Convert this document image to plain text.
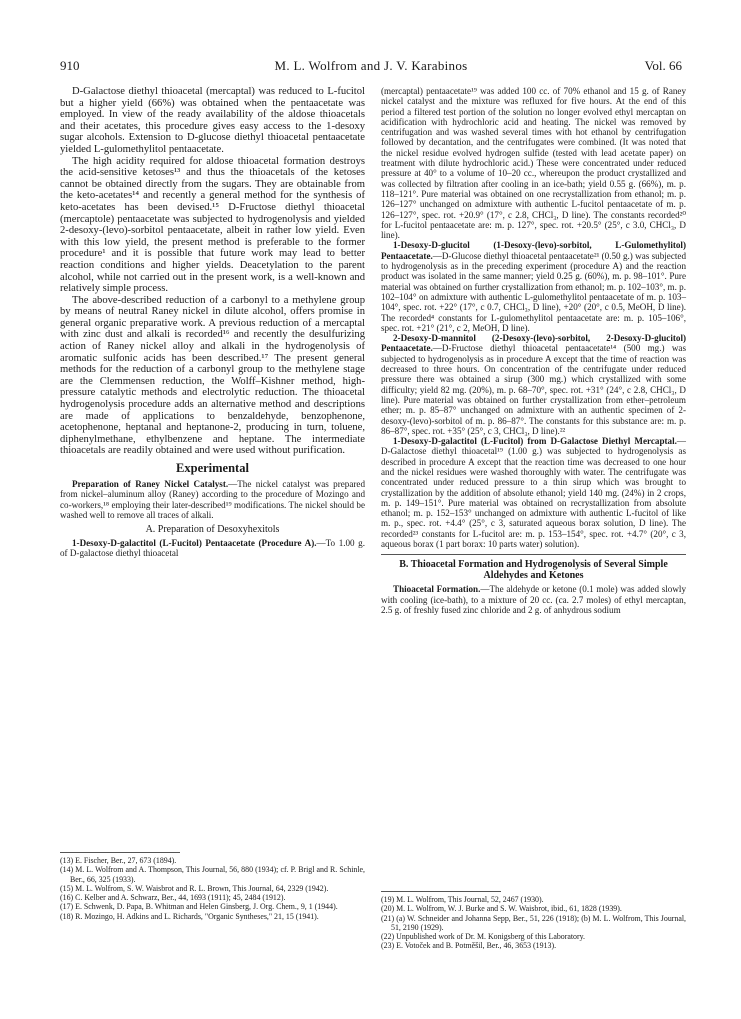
910	M. L. Wolfrom and J. V. Karabinos	Vol. 66

D-Galactose diethyl thioacetal (mercaptal) was reduced to L-fucitol but a higher yield (66%) was obtained when the pentaacetate was employed. In view of the ready availability of the aldose thioacetals and their acetates, this procedure gives easy access to the 1-desoxy sugar alcohols. Extension to D-glucose diethyl thioacetal pentaacetate yielded L-gulomethylitol pentaacetate.

The high acidity required for aldose thioacetal formation destroys the acid-sensitive ketoses¹³ and thus the thioacetals of the ketoses cannot be obtained directly from the sugars. They are obtainable from the keto-acetates¹⁴ and recently a general method for the synthesis of keto-acetates has been devised.¹⁵ D-Fructose diethyl thioacetal (mercaptole) pentaacetate was subjected to hydrogenolysis and yielded 2-desoxy-(levo)-sorbitol pentaacetate, albeit in rather low yield. Even with this low yield, the present method is preferable to the former procedure¹ and it is possible that future work may lead to better reaction conditions and higher yields. Deacetylation to the parent alcohol, while not carried out in the present work, is a well-known and relatively simple process.

The above-described reduction of a carbonyl to a methylene group by means of neutral Raney nickel in dilute alcohol, offers promise in general organic preparative work. A previous reduction of a mercaptal with zinc dust and alkali is recorded¹⁶ and recently the desulfurizing action of Raney nickel alloy and alkali in the hydrogenolysis of aromatic sulfonic acids has been described.¹⁷ The present general methods for the reduction of a carbonyl group to the methylene stage are the Clemmensen reduction, the Wolff–Kishner method, high-pressure catalytic methods and electrolytic reduction. The thioacetal hydrogenolysis procedure adds an alternative method and descriptions are made of applications to benzaldehyde, benzophenone, acetophenone, heptanal and heptanone-2, producing in turn, toluene, diphenylmethane, ethylbenzene and heptane. The intermediate thioacetals are readily obtained and were used without purification.

Experimental

Preparation of Raney Nickel Catalyst.—The nickel catalyst was prepared from nickel–aluminum alloy (Raney) according to the procedure of Mozingo and co-workers,¹⁸ employing their later-described¹⁹ modifications. The nickel should be washed well to remove all traces of alkali.

A. Preparation of Desoxyhexitols

1-Desoxy-D-galactitol (L-Fucitol) Pentaacetate (Procedure A).—To 1.00 g. of D-galactose diethyl thioacetal

(13) E. Fischer, Ber., 27, 673 (1894).

(14) M. L. Wolfrom and A. Thompson, This Journal, 56, 880 (1934); cf. P. Brigl and R. Schinle, Ber., 66, 325 (1933).

(15) M. L. Wolfrom, S. W. Waisbrot and R. L. Brown, This Journal, 64, 2329 (1942).

(16) C. Kelber and A. Schwarz, Ber., 44, 1693 (1911); 45, 2484 (1912).

(17) E. Schwenk, D. Papa, B. Whitman and Helen Ginsberg, J. Org. Chem., 9, 1 (1944).

(18) R. Mozingo, H. Adkins and L. Richards, "Organic Syntheses," 21, 15 (1941).

(mercaptal) pentaacetate¹⁹ was added 100 cc. of 70% ethanol and 15 g. of Raney nickel catalyst and the mixture was refluxed for five hours. At the end of this period a filtered test portion of the solution no longer evolved ethyl mercaptan on acidification with hydrochloric acid and heating. The nickel was removed by centrifugation and was washed several times with hot ethanol by centrifugation followed by decantation, and the centrifugates were combined. (It was noted that the nickel residue evolved hydrogen sulfide (tested with lead acetate paper) on treatment with dilute hydrochloric acid.) These were concentrated under reduced pressure at 40° to a volume of 10–20 cc., whereupon the product crystallized and was collected by filtration after cooling in an ice-bath; yield 0.55 g. (66%), m. p. 118–121°. Pure material was obtained on one recrystallization from ethanol; m. p. 126–127° unchanged on admixture with authentic L-fucitol pentaacetate of m. p. 126–127°, spec. rot. +20.9° (17°, c 2.8, CHCl₃, D line). The constants recorded²⁰ for L-fucitol pentaacetate are: m. p. 127°, spec. rot. +20.5° (25°, c 3.0, CHCl₃, D line).

1-Desoxy-D-glucitol (1-Desoxy-(levo)-sorbitol, L-Gulomethylitol) Pentaacetate.—D-Glucose diethyl thioacetal pentaacetate²¹ (0.50 g.) was subjected to hydrogenolysis as in the preceding experiment (procedure A) and the reaction product was isolated in the same manner; yield 0.25 g. (60%), m. p. 98–101°. Pure material was obtained on further crystallization from ethanol; m. p. 102–103°, m. p. 102–104° on admixture with authentic L-gulomethylitol pentaacetate of m. p. 103–104°, spec. rot. +22° (17°, c 0.7, CHCl₃, D line), +20° (20°, c 0.5, MeOH, D line). The recorded⁴ constants for L-gulomethylitol pentaacetate are: m. p. 105–106°, spec. rot. +21° (21°, c 2, MeOH, D line).

2-Desoxy-D-mannitol (2-Desoxy-(levo)-sorbitol, 2-Desoxy-D-glucitol) Pentaacetate.—D-Fructose diethyl thioacetal pentaacetate¹⁴ (500 mg.) was subjected to hydrogenolysis as in procedure A except that the time of reaction was decreased to three hours. On concentration of the centrifugate under reduced pressure there was obtained a sirup (300 mg.) which crystallized with some difficulty; yield 82 mg. (20%), m. p. 68–70°, spec. rot. +31° (24°, c 2.8, CHCl₃, D line). Pure material was obtained on further crystallization from ether–petroleum ether; m. p. 85–87° unchanged on admixture with an authentic specimen of 2-desoxy-(levo)-sorbitol of m. p. 86–87°. The constants for this substance are: m. p. 86–87°, spec. rot. +35° (25°, c 3, CHCl₃, D line).²²

1-Desoxy-D-galactitol (L-Fucitol) from D-Galactose Diethyl Mercaptal.—D-Galactose diethyl thioacetal¹⁹ (1.00 g.) was subjected to hydrogenolysis as described in procedure A except that the reaction time was decreased to one hour and the nickel residues were washed thoroughly with water. The centrifugate was concentrated under reduced pressure to a thin sirup which was brought to crystallization by the addition of absolute ethanol; yield 140 mg. (24%) in 2 crops, m. p. 149–151°. Pure material was obtained on recrystallization from absolute ethanol; m. p. 152–153° unchanged on admixture with authentic L-fucitol of like m. p., spec. rot. +4.4° (25°, c 3, saturated aqueous borax solution, D line). The recorded²³ constants for L-fucitol are: m. p. 153–154°, spec. rot. +4.7° (20°, c 3, aqueous borax (1 part borax: 10 parts water) solution).

B. Thioacetal Formation and Hydrogenolysis of Several Simple Aldehydes and Ketones

Thioacetal Formation.—The aldehyde or ketone (0.1 mole) was added slowly with cooling (ice-bath), to a mixture of 20 cc. (ca. 2.7 moles) of ethyl mercaptan, 2.5 g. of freshly fused zinc chloride and 2 g. of anhydrous sodium

(19) M. L. Wolfrom, This Journal, 52, 2467 (1930).

(20) M. L. Wolfrom, W. J. Burke and S. W. Waisbrot, ibid., 61, 1828 (1939).

(21) (a) W. Schneider and Johanna Sepp, Ber., 51, 226 (1918); (b) M. L. Wolfrom, This Journal, 51, 2190 (1929).

(22) Unpublished work of Dr. M. Konigsberg of this Laboratory.

(23) E. Votoček and B. Potměšil, Ber., 46, 3653 (1913).
